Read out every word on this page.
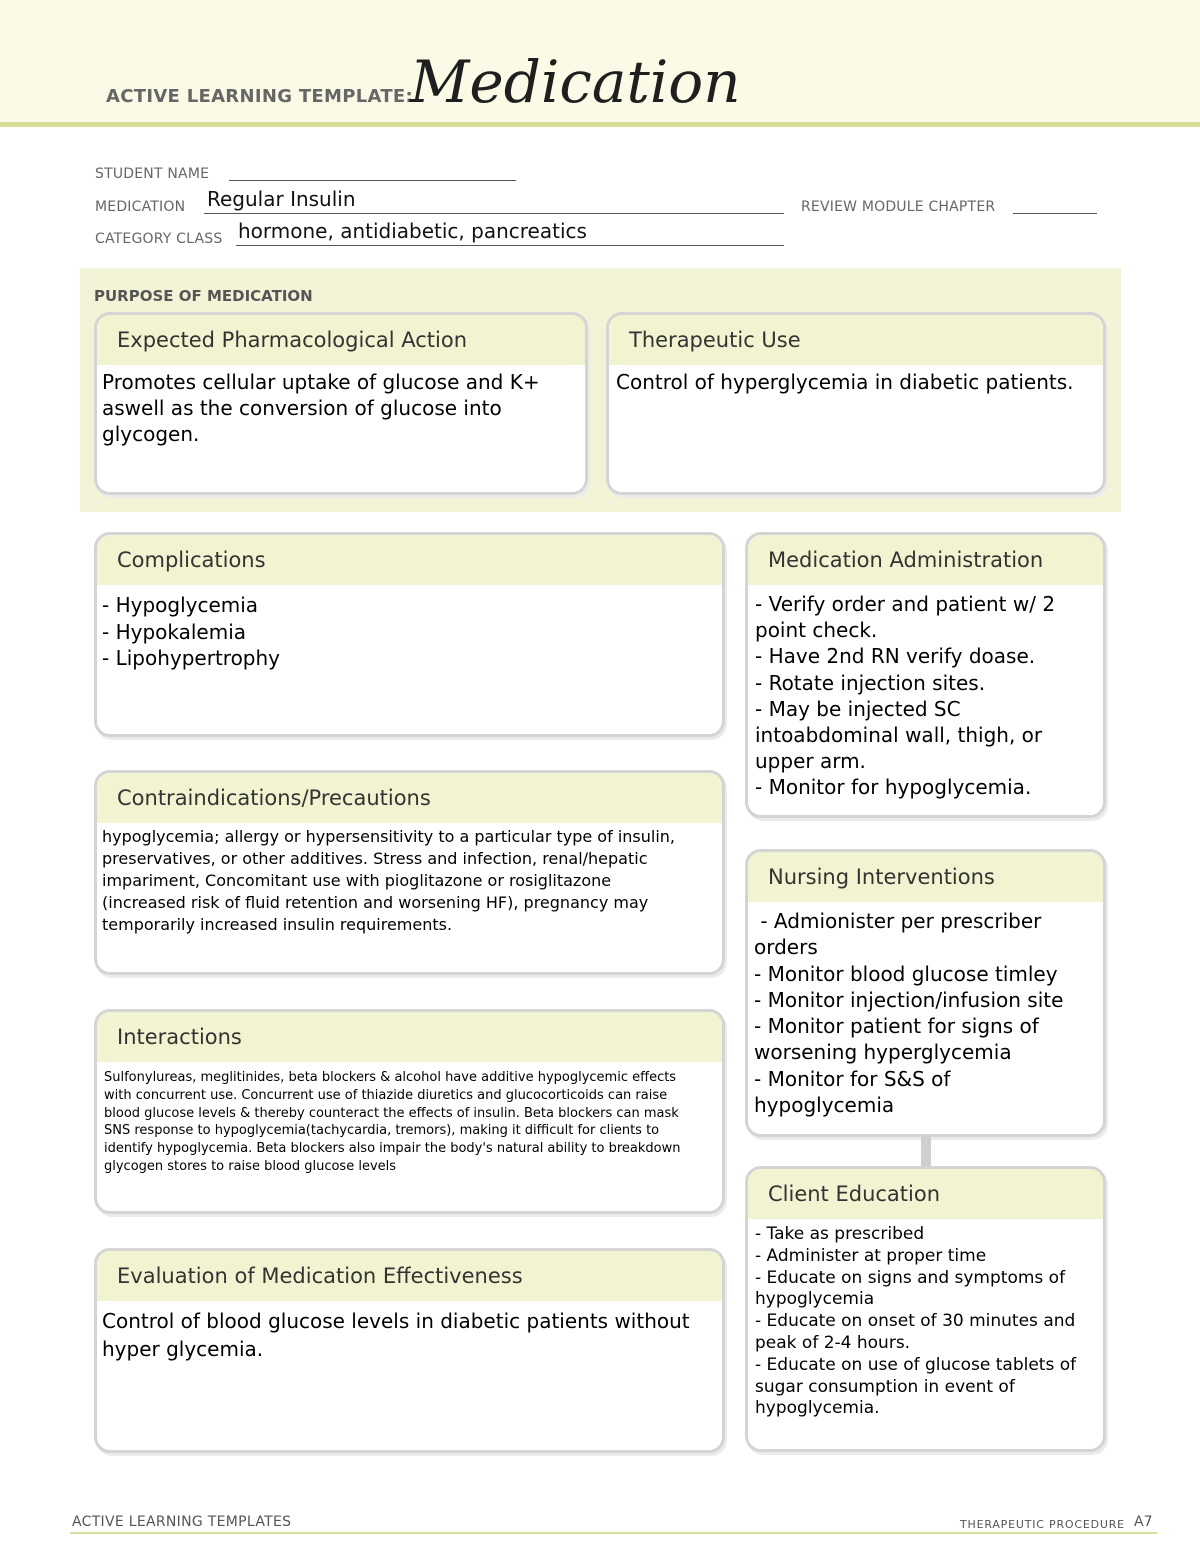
ACTIVE LEARNING TEMPLATE:
Medication
STUDENT NAME
MEDICATION Regular Insulin	REVIEW MODULE CHAPTER
CATEGORY CLASS hormone, antidiabetic, pancreatics
PURPOSE OF MEDICATION
Expected Pharmacological Action
Promotes cellular uptake of glucose and K+
aswell as the conversion of glucose into
glycogen.
Therapeutic Use
Control of hyperglycemia in diabetic patients.
Complications
- Hypoglycemia
- Hypokalemia
- Lipohypertrophy
Medication Administration
- Verify order and patient w/ 2
point check.
- Have 2nd RN verify doase.
- Rotate injection sites.
- May be injected SC
intoabdominal wall, thigh, or
upper arm.
- Monitor for hypoglycemia.
Contraindications/Precautions
hypoglycemia; allergy or hypersensitivity to a particular type of insulin,
preservatives, or other additives. Stress and infection, renal/hepatic
impariment, Concomitant use with pioglitazone or rosiglitazone
(increased risk of fluid retention and worsening HF), pregnancy may
temporarily increased insulin requirements.
Nursing Interventions
- Admionister per prescriber
orders
- Monitor blood glucose timley
- Monitor injection/infusion site
- Monitor patient for signs of
worsening hyperglycemia
- Monitor for S&S of
hypoglycemia
Interactions
Sulfonylureas, meglitinides, beta blockers & alcohol have additive hypoglycemic effects
with concurrent use. Concurrent use of thiazide diuretics and glucocorticoids can raise
blood glucose levels & thereby counteract the effects of insulin. Beta blockers can mask
SNS response to hypoglycemia(tachycardia, tremors), making it difficult for clients to
identify hypoglycemia. Beta blockers also impair the body's natural ability to breakdown
glycogen stores to raise blood glucose levels
Client Education
- Take as prescribed
- Administer at proper time
- Educate on signs and symptoms of
hypoglycemia
- Educate on onset of 30 minutes and
peak of 2-4 hours.
- Educate on use of glucose tablets of
sugar consumption in event of
hypoglycemia.
Evaluation of Medication Effectiveness
Control of blood glucose levels in diabetic patients without
hyper glycemia.
ACTIVE LEARNING TEMPLATES	THERAPEUTIC PROCEDURE A7
